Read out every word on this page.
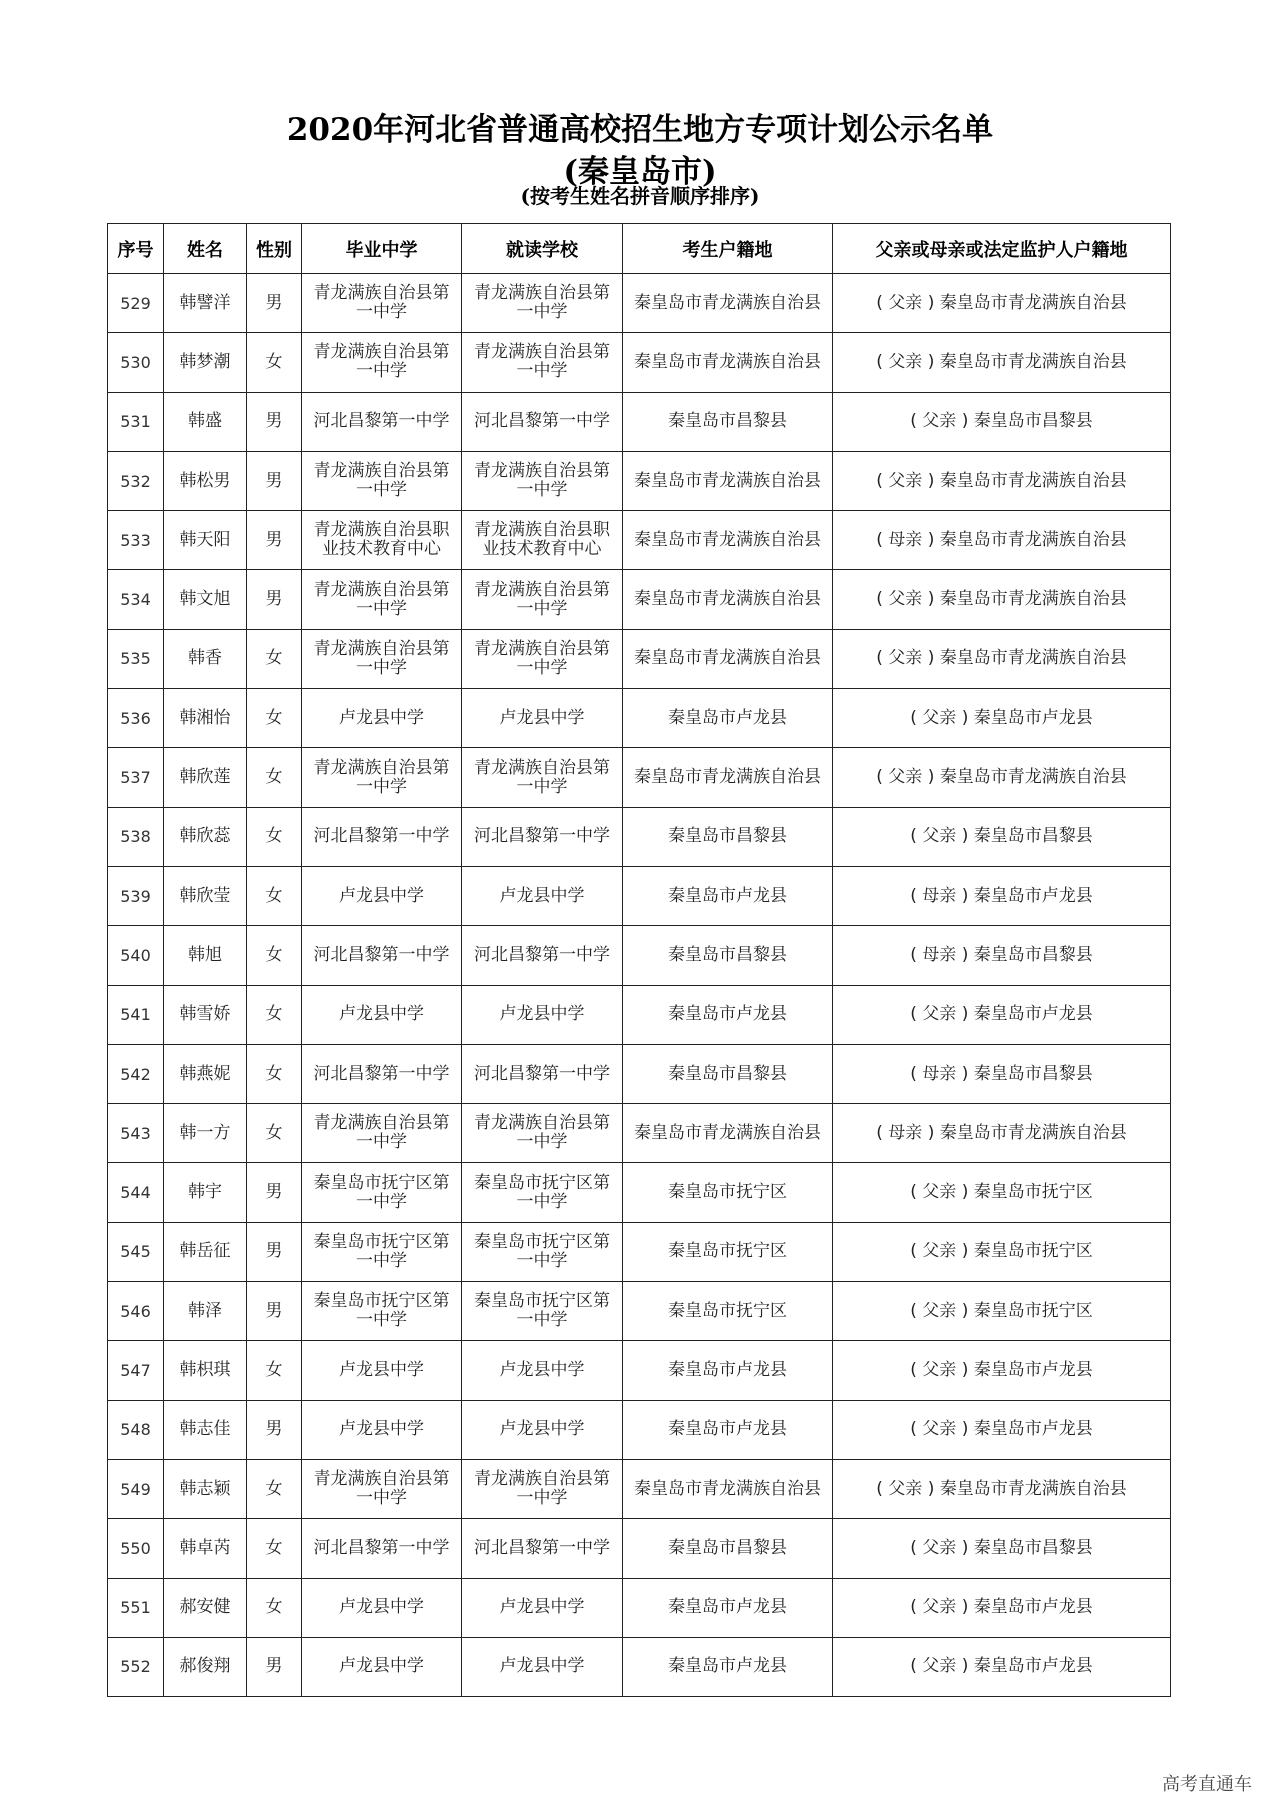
2020年河北省普通高校招生地方专项计划公示名单
(秦皇岛市)
(按考生姓名拼音顺序排序)
序号	姓名	性别	毕业中学	就读学校	考生户籍地	父亲或母亲或法定监护人户籍地
529	韩譬洋	男	青龙满族自治县第一中学	青龙满族自治县第一中学	秦皇岛市青龙满族自治县	( 父亲 ) 秦皇岛市青龙满族自治县
530	韩梦潮	女	青龙满族自治县第一中学	青龙满族自治县第一中学	秦皇岛市青龙满族自治县	( 父亲 ) 秦皇岛市青龙满族自治县
531	韩盛	男	河北昌黎第一中学	河北昌黎第一中学	秦皇岛市昌黎县	( 父亲 ) 秦皇岛市昌黎县
532	韩松男	男	青龙满族自治县第一中学	青龙满族自治县第一中学	秦皇岛市青龙满族自治县	( 父亲 ) 秦皇岛市青龙满族自治县
533	韩天阳	男	青龙满族自治县职业技术教育中心	青龙满族自治县职业技术教育中心	秦皇岛市青龙满族自治县	( 母亲 ) 秦皇岛市青龙满族自治县
534	韩文旭	男	青龙满族自治县第一中学	青龙满族自治县第一中学	秦皇岛市青龙满族自治县	( 父亲 ) 秦皇岛市青龙满族自治县
535	韩香	女	青龙满族自治县第一中学	青龙满族自治县第一中学	秦皇岛市青龙满族自治县	( 父亲 ) 秦皇岛市青龙满族自治县
536	韩湘怡	女	卢龙县中学	卢龙县中学	秦皇岛市卢龙县	( 父亲 ) 秦皇岛市卢龙县
537	韩欣莲	女	青龙满族自治县第一中学	青龙满族自治县第一中学	秦皇岛市青龙满族自治县	( 父亲 ) 秦皇岛市青龙满族自治县
538	韩欣蕊	女	河北昌黎第一中学	河北昌黎第一中学	秦皇岛市昌黎县	( 父亲 ) 秦皇岛市昌黎县
539	韩欣莹	女	卢龙县中学	卢龙县中学	秦皇岛市卢龙县	( 母亲 ) 秦皇岛市卢龙县
540	韩旭	女	河北昌黎第一中学	河北昌黎第一中学	秦皇岛市昌黎县	( 母亲 ) 秦皇岛市昌黎县
541	韩雪娇	女	卢龙县中学	卢龙县中学	秦皇岛市卢龙县	( 父亲 ) 秦皇岛市卢龙县
542	韩燕妮	女	河北昌黎第一中学	河北昌黎第一中学	秦皇岛市昌黎县	( 母亲 ) 秦皇岛市昌黎县
543	韩一方	女	青龙满族自治县第一中学	青龙满族自治县第一中学	秦皇岛市青龙满族自治县	( 母亲 ) 秦皇岛市青龙满族自治县
544	韩宇	男	秦皇岛市抚宁区第一中学	秦皇岛市抚宁区第一中学	秦皇岛市抚宁区	( 父亲 ) 秦皇岛市抚宁区
545	韩岳征	男	秦皇岛市抚宁区第一中学	秦皇岛市抚宁区第一中学	秦皇岛市抚宁区	( 父亲 ) 秦皇岛市抚宁区
546	韩泽	男	秦皇岛市抚宁区第一中学	秦皇岛市抚宁区第一中学	秦皇岛市抚宁区	( 父亲 ) 秦皇岛市抚宁区
547	韩枳琪	女	卢龙县中学	卢龙县中学	秦皇岛市卢龙县	( 父亲 ) 秦皇岛市卢龙县
548	韩志佳	男	卢龙县中学	卢龙县中学	秦皇岛市卢龙县	( 父亲 ) 秦皇岛市卢龙县
549	韩志颖	女	青龙满族自治县第一中学	青龙满族自治县第一中学	秦皇岛市青龙满族自治县	( 父亲 ) 秦皇岛市青龙满族自治县
550	韩卓芮	女	河北昌黎第一中学	河北昌黎第一中学	秦皇岛市昌黎县	( 父亲 ) 秦皇岛市昌黎县
551	郝安健	女	卢龙县中学	卢龙县中学	秦皇岛市卢龙县	( 父亲 ) 秦皇岛市卢龙县
552	郝俊翔	男	卢龙县中学	卢龙县中学	秦皇岛市卢龙县	( 父亲 ) 秦皇岛市卢龙县
高考直通车
